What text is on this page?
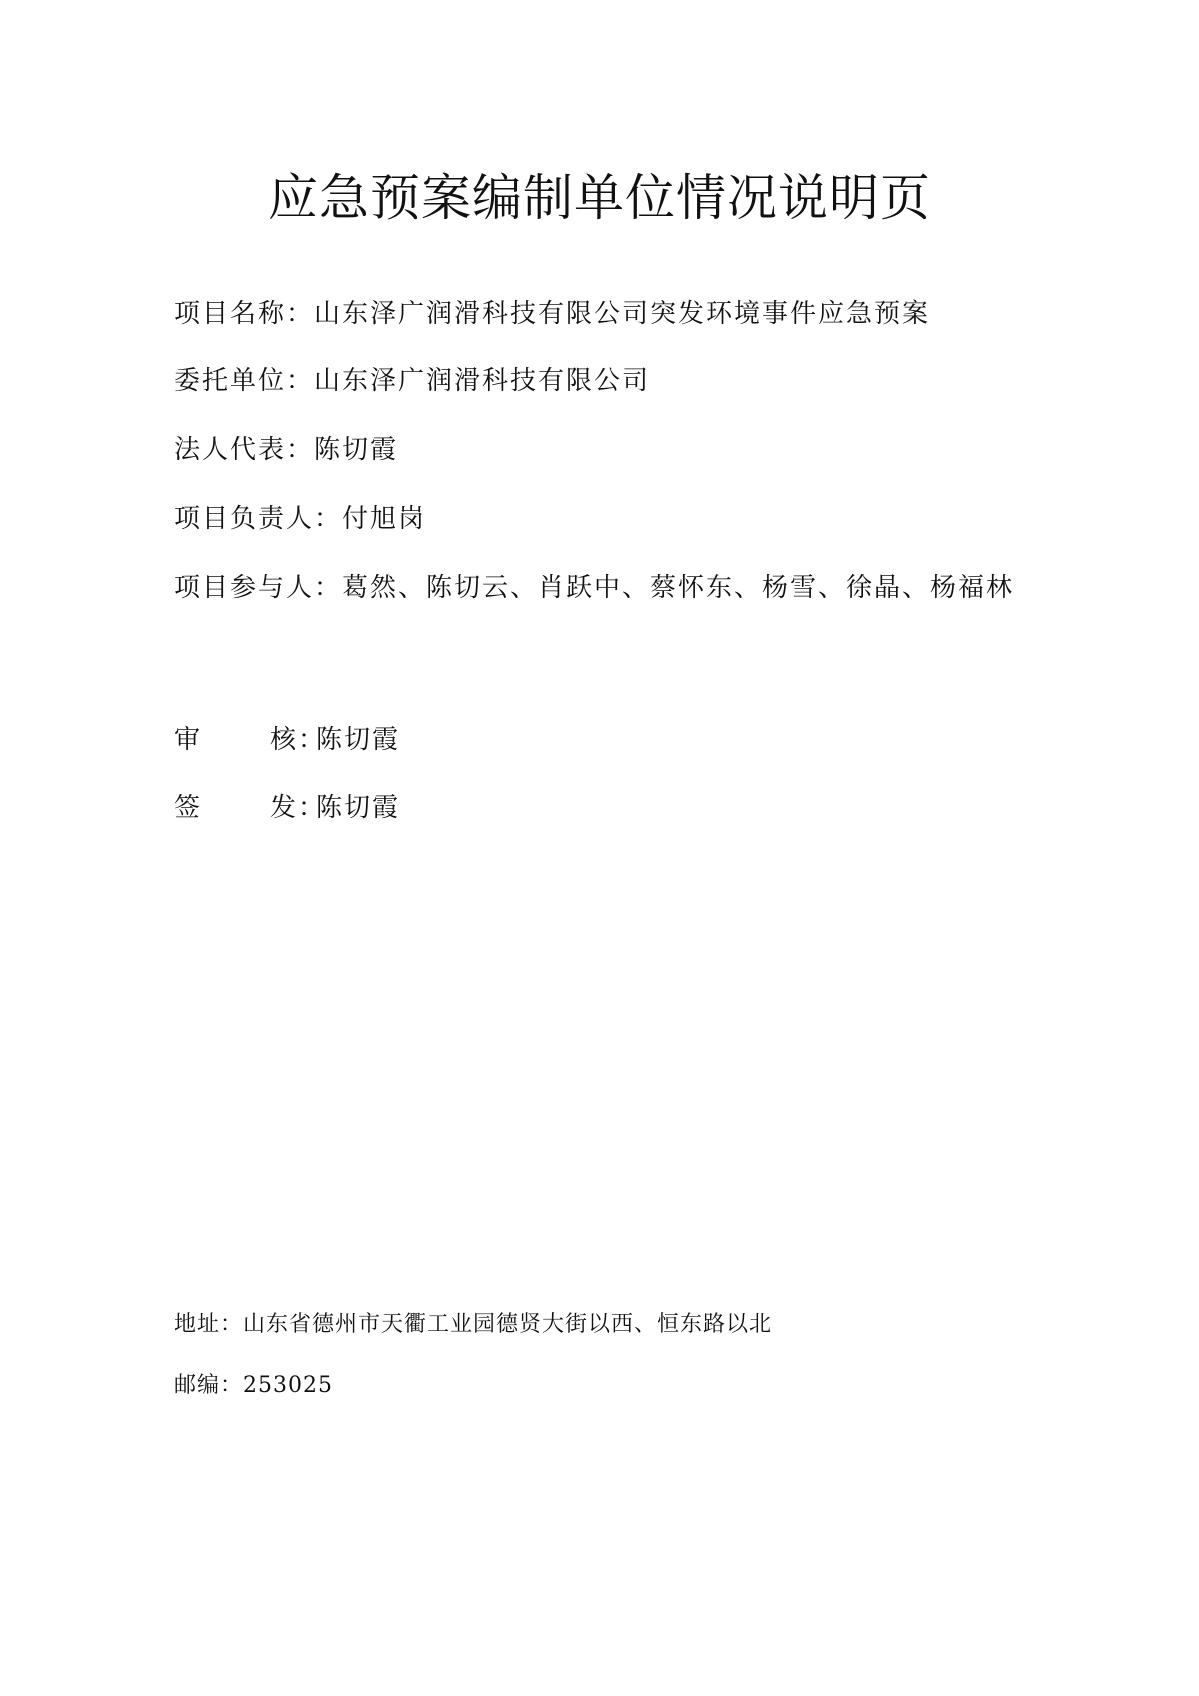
应急预案编制单位情况说明页
项目名称：山东泽广润滑科技有限公司突发环境事件应急预案
委托单位：山东泽广润滑科技有限公司
法人代表：陈切霞
项目负责人：付旭岗
项目参与人：葛然、陈切云、肖跃中、蔡怀东、杨雪、徐晶、杨福林
审	核：陈切霞
签	发：陈切霞
地址：山东省德州市天衢工业园德贤大街以西、恒东路以北
邮编：253025
